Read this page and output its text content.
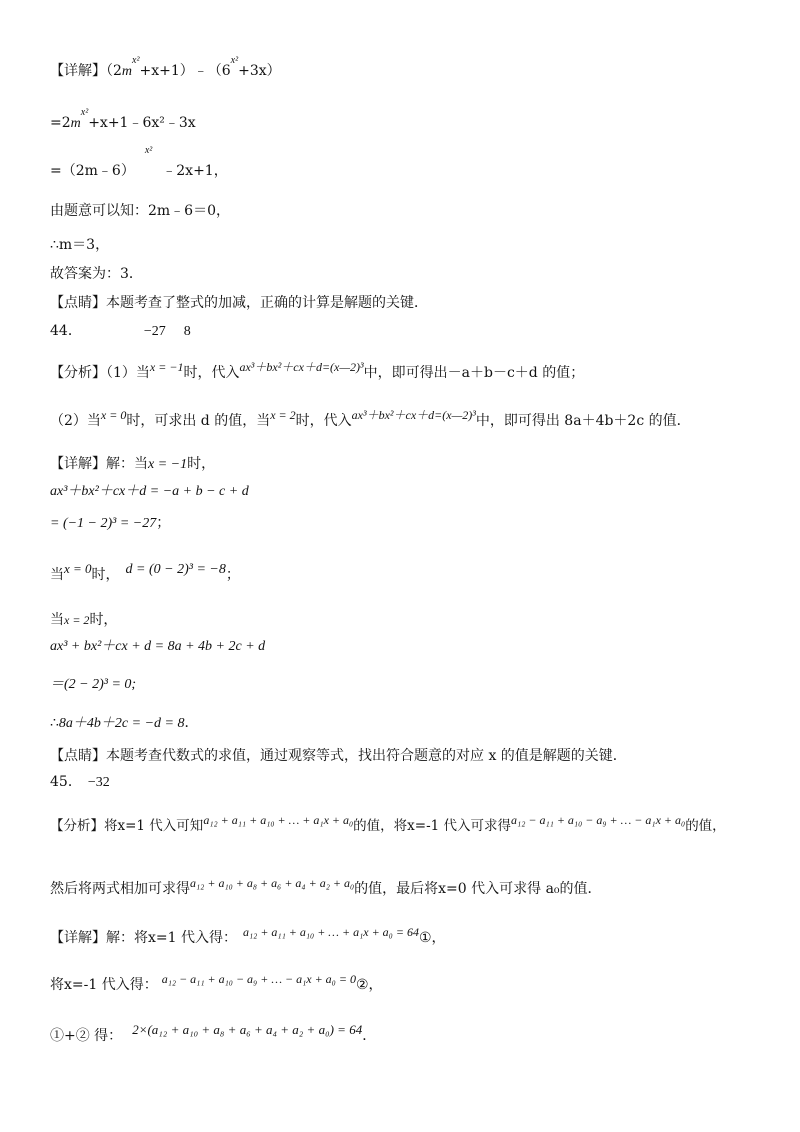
【详解】$(2m^{x^2}+x+1)﹣(6^{x^2}+3x)$
$=2m^{x^2}+x+1﹣6x^2﹣3x$
=（2m﹣6）$^{x^2}$﹣2x+1，
由题意可以知：2m﹣6＝0，
∴m＝3，
故答案为：3．
【点睛】本题考查了整式的加减，正确的计算是解题的关键．
44．	−27 8
【分析】（1）当x = −1时，代入ax³＋bx²＋cx＋d=(x—2)³中，即可得出－a＋b－c＋d 的值；
（2）当x = 0时，可求出 d 的值，当x = 2时，代入ax³＋bx²＋cx＋d=(x—2)³中，即可得出 8a＋4b＋2c 的值．
【详解】解：当x = −1时，
ax³＋bx²＋cx＋d = −a + b − c + d
= (−1 − 2)³ = −27；
当x = 0时， d = (0 − 2)³ = −8；
当x = 2时，
ax³ + bx²＋cx + d = 8a + 4b + 2c + d
＝(2 − 2)³ = 0;
∴8a＋4b＋2c = −d = 8．
【点睛】本题考查代数式的求值，通过观察等式，找出符合题意的对应 x 的值是解题的关键．
45． −32
【分析】将x=1 代入可知a₁₂ + a₁₁ + a₁₀ + … + a₁x + a₀的值，将x=-1 代入可求得a₁₂ − a₁₁ + a₁₀ − a₉ + … − a₁x + a₀的值，
然后将两式相加可求得a₁₂ + a₁₀ + a₈ + a₆ + a₄ + a₂ + a₀的值，最后将x=0 代入可求得 a₀的值．
【详解】解：将x=1 代入得： a₁₂ + a₁₁ + a₁₀ + … + a₁x + a₀ = 64①，
将x=-1 代入得： a₁₂ − a₁₁ + a₁₀ − a₉ + … − a₁x + a₀ = 0②，
①+② 得： 2×(a₁₂ + a₁₀ + a₈ + a₆ + a₄ + a₂ + a₀) = 64．
